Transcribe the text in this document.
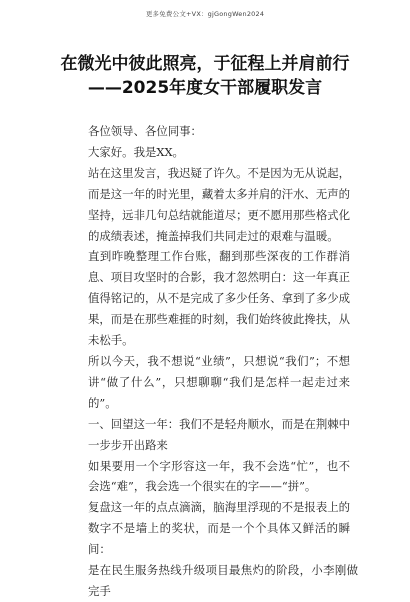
更多免费公文+VX：gjGongWen2024
在微光中彼此照亮，于征程上并肩前行
——2025年度女干部履职发言

各位领导、各位同事：

大家好。我是XX。

站在这里发言，我迟疑了许久。不是因为无从说起，而是这一年的时光里，藏着太多并肩的汗水、无声的坚持，远非几句总结就能道尽；更不愿用那些格式化的成绩表述，掩盖掉我们共同走过的艰难与温暖。

直到昨晚整理工作台账，翻到那些深夜的工作群消息、项目攻坚时的合影，我才忽然明白：这一年真正值得铭记的，从不是完成了多少任务、拿到了多少成果，而是在那些难捱的时刻，我们始终彼此搀扶，从未松手。

所以今天，我不想说“业绩”，只想说“我们”；不想讲“做了什么”，只想聊聊“我们是怎样一起走过来的”。

一、回望这一年：我们不是轻舟顺水，而是在荆棘中一步步开出路来

如果要用一个字形容这一年，我不会选“忙”，也不会选“难”，我会选一个很实在的字——“拼”。

复盘这一年的点点滴滴，脑海里浮现的不是报表上的数字不是墙上的奖状，而是一个个具体又鲜活的瞬间：

是在民生服务热线升级项目最焦灼的阶段，小李刚做完手
